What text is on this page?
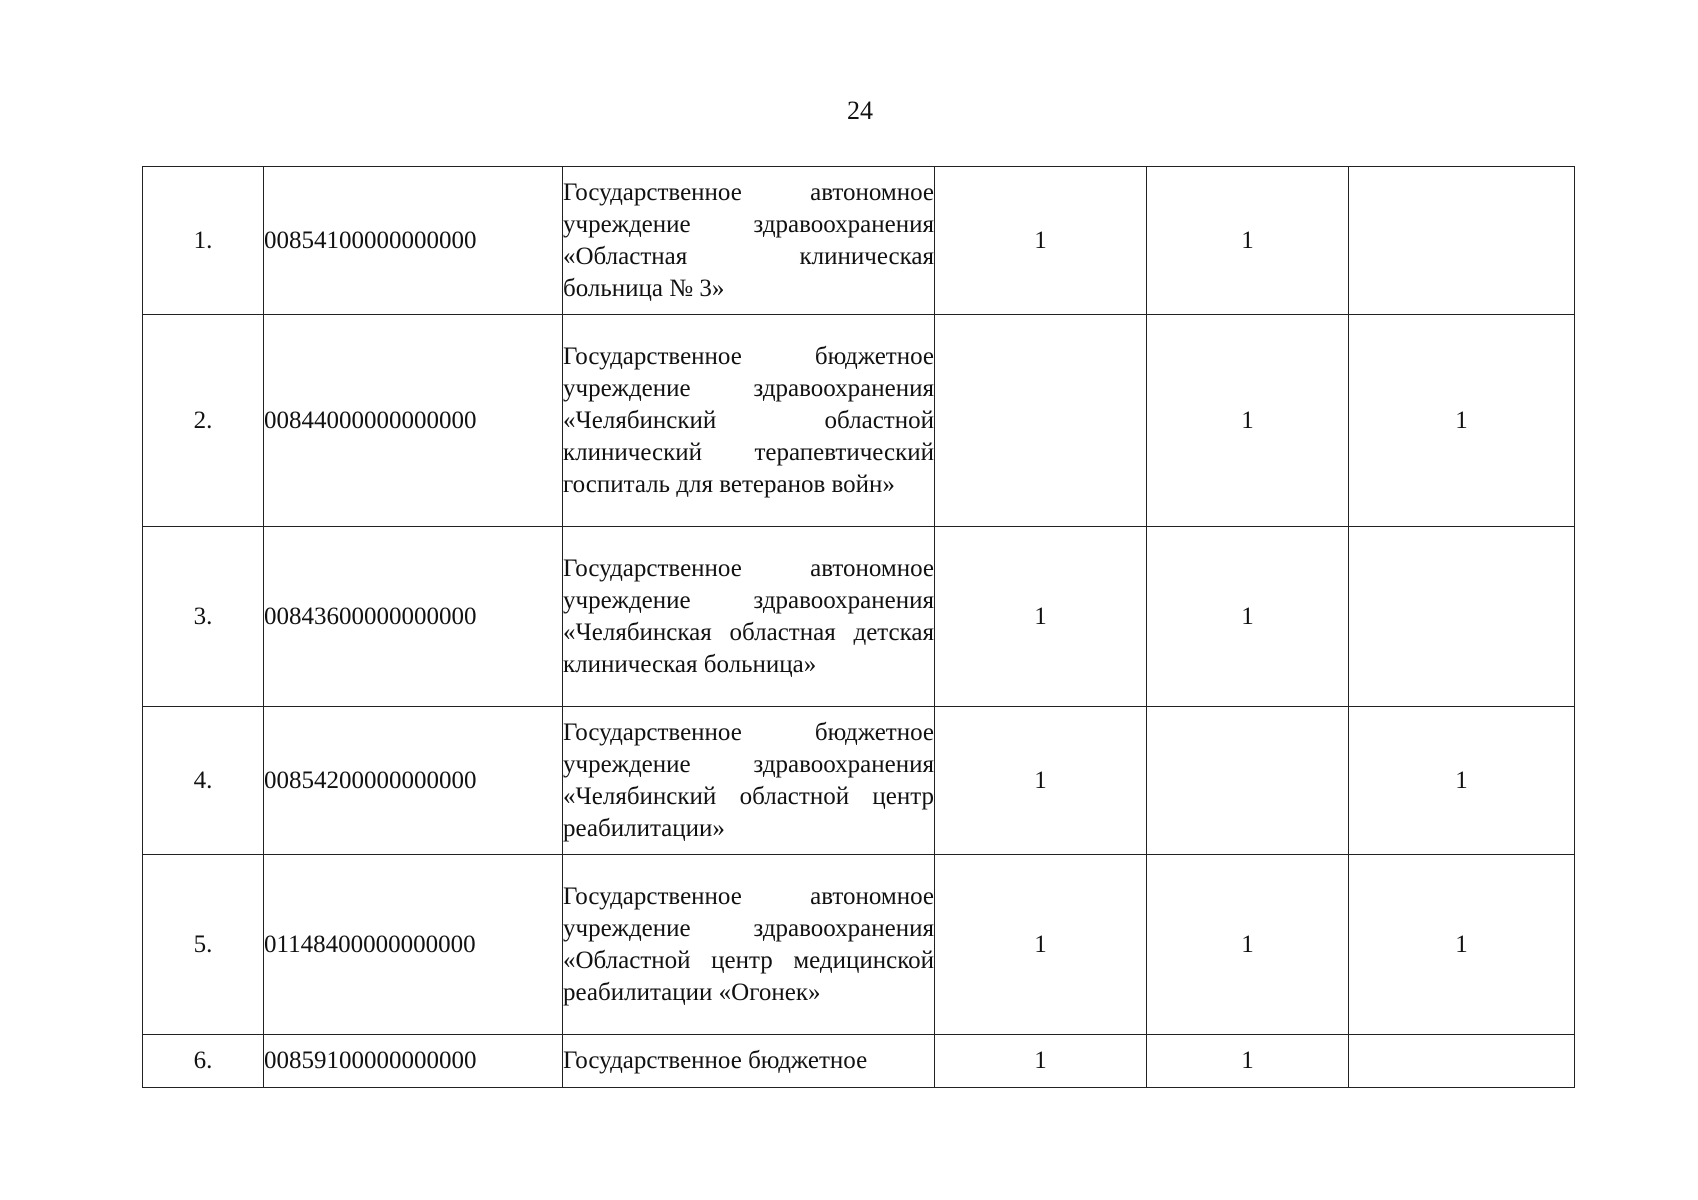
24
1.	00854100000000000	Государственное автономное учреждение здравоохранения «Областная клиническая больница № 3»	1	1	
2.	00844000000000000	Государственное бюджетное учреждение здравоохранения «Челябинский областной клинический терапевтический госпиталь для ветеранов войн»		1	1
3.	00843600000000000	Государственное автономное учреждение здравоохранения «Челябинская областная детская клиническая больница»	1	1	
4.	00854200000000000	Государственное бюджетное учреждение здравоохранения «Челябинский областной центр реабилитации»	1		1
5.	01148400000000000	Государственное автономное учреждение здравоохранения «Областной центр медицинской реабилитации «Огонек»	1	1	1
6.	00859100000000000	Государственное бюджетное	1	1	
